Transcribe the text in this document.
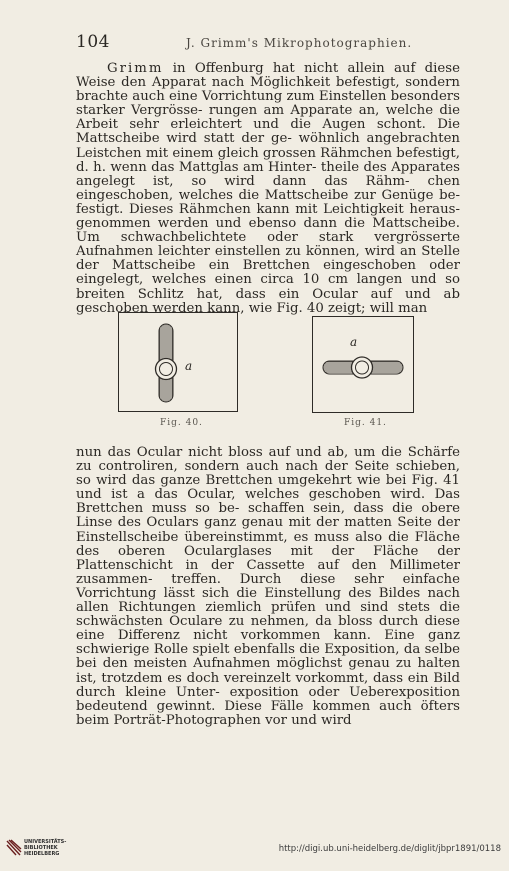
104	J. Grimm's Mikrophotographien.

Grimm in Offenburg hat nicht allein auf diese Weise den Apparat nach Möglichkeit befestigt, sondern brachte auch eine Vorrichtung zum Einstellen besonders starker Vergrösse- rungen am Apparate an, welche die Arbeit sehr erleichtert und die Augen schont. Die Mattscheibe wird statt der ge- wöhnlich angebrachten Leistchen mit einem gleich grossen Rähmchen befestigt, d. h. wenn das Mattglas am Hinter- theile des Apparates angelegt ist, so wird dann das Rähm- chen eingeschoben, welches die Mattscheibe zur Genüge be- festigt. Dieses Rähmchen kann mit Leichtigkeit heraus- genommen werden und ebenso dann die Mattscheibe. Um schwachbelichtete oder stark vergrösserte Aufnahmen leichter einstellen zu können, wird an Stelle der Mattscheibe ein Brettchen eingeschoben oder eingelegt, welches einen circa 10 cm langen und so breiten Schlitz hat, dass ein Ocular auf und ab geschoben werden kann, wie Fig. 40 zeigt; will man

a
Fig. 40.
a
Fig. 41.

nun das Ocular nicht bloss auf und ab, um die Schärfe zu controliren, sondern auch nach der Seite schieben, so wird das ganze Brettchen umgekehrt wie bei Fig. 41 und ist a das Ocular, welches geschoben wird. Das Brettchen muss so be- schaffen sein, dass die obere Linse des Oculars ganz genau mit der matten Seite der Einstellscheibe übereinstimmt, es muss also die Fläche des oberen Ocularglases mit der Fläche der Plattenschicht in der Cassette auf den Millimeter zusammen- treffen. Durch diese sehr einfache Vorrichtung lässt sich die Einstellung des Bildes nach allen Richtungen ziemlich prüfen und sind stets die schwächsten Oculare zu nehmen, da bloss durch diese eine Differenz nicht vorkommen kann. Eine ganz schwierige Rolle spielt ebenfalls die Exposition, da selbe bei den meisten Aufnahmen möglichst genau zu halten ist, trotzdem es doch vereinzelt vorkommt, dass ein Bild durch kleine Unter- exposition oder Ueberexposition bedeutend gewinnt. Diese Fälle kommen auch öfters beim Porträt-Photographen vor und wird

UNIVERSITÄTS-
BIBLIOTHEK
HEIDELBERG	http://digi.ub.uni-heidelberg.de/diglit/jbpr1891/0118
